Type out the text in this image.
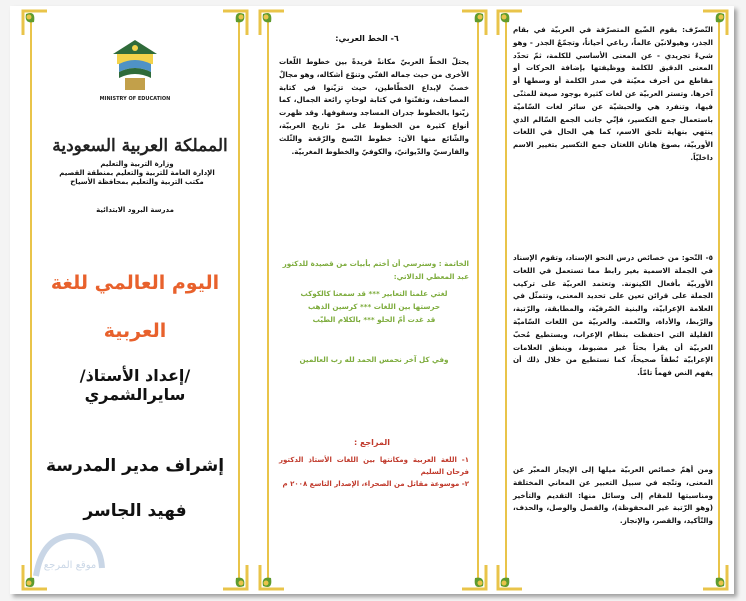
MINISTRY OF EDUCATION
المملكة العربية السعودية
وزارة التربية والتعليم
الإدارة العامة للتربية والتعليم بمنطقة القصيم
مكتب التربية والتعليم بمحافظة الأسياح
مدرسة البرود الابتدائية
اليوم العالمي للغة
العربية
/إعداد الأستاذ/ سايرالشمري
إشراف مدير المدرسة
فهيد الجاسر
موقع المرجع
٦- الخط العربي:
يحتلّ الخطّ العربيّ مكانةً فريدةً بين خطوط اللّغات الأخرى من حيث جماله الفنّي وتنوّع أشكاله، وهو مجالٌ خصبٌ لإبداع الخطّاطين، حيث تزيّنوا في كتابة المصاحف، وتفنّنوا في كتابة لوحاتٍ رائعة الجمال، كما زيّنوا بالخطوط جدران المساجد وسقوفها. وقد ظهرت أنواع كثيرة من الخطوط على مرّ تاريخ العربيّة، والشّائع منها الآن: خطوط النّسخ والرّقعة والثّلث والفارسيّ والدّيوانيّ، والكوفيّ والخطوط المغربيّة.
الخاتمة : وسنرسي أن أختم بأبيات من قصيدة للدكتور عبد المعطي الدالاتي:
لغتي علمنا التعابير *** قد سمعنا كالكوكب
حرستها بين اللغات *** كرسين الذهب
قد غدت أمّ الحلو *** بالكلام الطيّب
وفي كل آخر نحمس الحمد لله رب العالمين
المراجع :
١- اللغة العربية ومكانتها بين اللغات الأستاذ الدكتور فرحان السليم
٢- موسوعة مقاتل من الصحراء، الإصدار التاسع ٢٠٠٨ م
التّصرّف: بقوم الضّيع المتصرّفة في العربيّة في بقام الجذر، وهيولانيّن عالماً، رباعي أحياناً، وتجمّعٌ الجذر - وهو شيءٌ تجريدي - عن المعنى الأساسي للكلمة، ثمّ تحدّد المعنى الدقيق للكلمة ووظيفتها بإضافة الحركات أو مقاطع من أحرف معيّنة في صدر الكلمة أو وسطها أو آخرها. وتستر العربيّة عن لغات كثيرة بوجود صيغة للمثنّى فيها، وتنفرد هي والحبشيّة عن سائر لغات السّاميّة باستعمال جمع التكسير، فإنّي جانب الجمع السّالم الذي ينتهي بنهاية تلحق الاسم، كما هي الحال في اللغات الأوربيّة، بصوغ هاتان اللغتان جمع التكسير بتغيير الاسم داخليّاً.
٥- التّحو: من خصائص درس النحو الإسناد، وتقوم الإسناد في الجملة الاسمية بغير رابط مما تستعمل في اللغات الأوربيّة بأفعال الكينونة. وتعتمد العربيّة على تركيب الجملة على قرائن تعين على تحديد المعنى، وتتمثّل في العلامة الإعرابيّة، والبنية الصّرفيّة، والمطابقة، والرّتبة، والرّبط، والأداة، والنّغمة. والعربيّة من اللغات السّاميّة القليلة التي احتفظت بنظام الإعراب، ويستطيع مُحبّ العربيّة أن يقرأ بحثاً غير مضبوط، وينطق العلامات الإعرابيّة نُطقاً صحيحاً، كما نستطيع من خلال ذلك أن يفهم النص فهماً تامّاً.
ومن أهمّ خصائص العربيّة ميلها إلى الإيجاز المعبّر عن المعنى، وتتّجه في سبيل التعبير عن المعاني المختلفة ومناسبتها للمقام إلى وسائل منها: التقديم والتأخير (وهو الرّتبة غير المحفوظة)، والفصل والوصل، والحذف، والتّأكيد، والقصر، والإنجاز.
